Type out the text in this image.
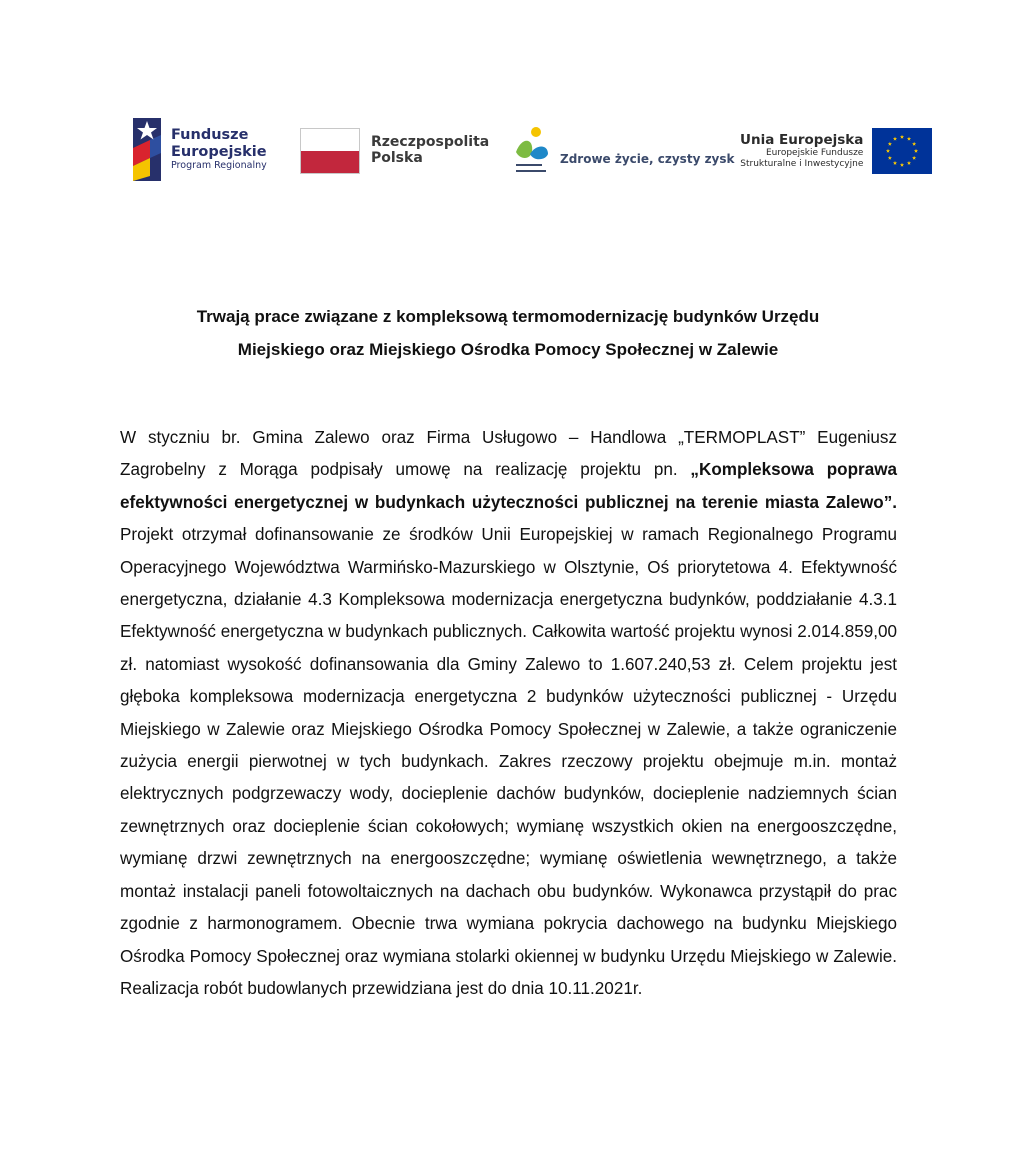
Fundusze
Europejskie
Program Regionalny
Rzeczpospolita
Polska	Zdrowe życie, czysty zysk
Unia Europejska
Europejskie Fundusze
Strukturalne i Inwestycyjne
Trwają prace związane z kompleksową termomodernizację budynków Urzędu
Miejskiego oraz Miejskiego Ośrodka Pomocy Społecznej w Zalewie

W styczniu br. Gmina Zalewo oraz Firma Usługowo – Handlowa „TERMOPLAST” Eugeniusz Zagrobelny z Morąga podpisały umowę na realizację projektu pn. „Kompleksowa poprawa efektywności energetycznej w budynkach użyteczności publicznej na terenie miasta Zalewo”. Projekt otrzymał dofinansowanie ze środków Unii Europejskiej w ramach Regionalnego Programu Operacyjnego Województwa Warmińsko-Mazurskiego w Olsztynie, Oś priorytetowa 4. Efektywność energetyczna, działanie 4.3 Kompleksowa modernizacja energetyczna budynków, poddziałanie 4.3.1 Efektywność energetyczna w budynkach publicznych. Całkowita wartość projektu wynosi 2.014.859,00 zł. natomiast wysokość dofinansowania dla Gminy Zalewo to 1.607.240,53 zł. Celem projektu jest głęboka kompleksowa modernizacja energetyczna 2 budynków użyteczności publicznej - Urzędu Miejskiego w Zalewie oraz Miejskiego Ośrodka Pomocy Społecznej w Zalewie, a także ograniczenie zużycia energii pierwotnej w tych budynkach. Zakres rzeczowy projektu obejmuje m.in. montaż elektrycznych podgrzewaczy wody, docieplenie dachów budynków, docieplenie nadziemnych ścian zewnętrznych oraz docieplenie ścian cokołowych; wymianę wszystkich okien na energooszczędne, wymianę drzwi zewnętrznych na energooszczędne; wymianę oświetlenia wewnętrznego, a także montaż instalacji paneli fotowoltaicznych na dachach obu budynków. Wykonawca przystąpił do prac zgodnie z harmonogramem. Obecnie trwa wymiana pokrycia dachowego na budynku Miejskiego Ośrodka Pomocy Społecznej oraz wymiana stolarki okiennej w budynku Urzędu Miejskiego w Zalewie. Realizacja robót budowlanych przewidziana jest do dnia 10.11.2021r.
